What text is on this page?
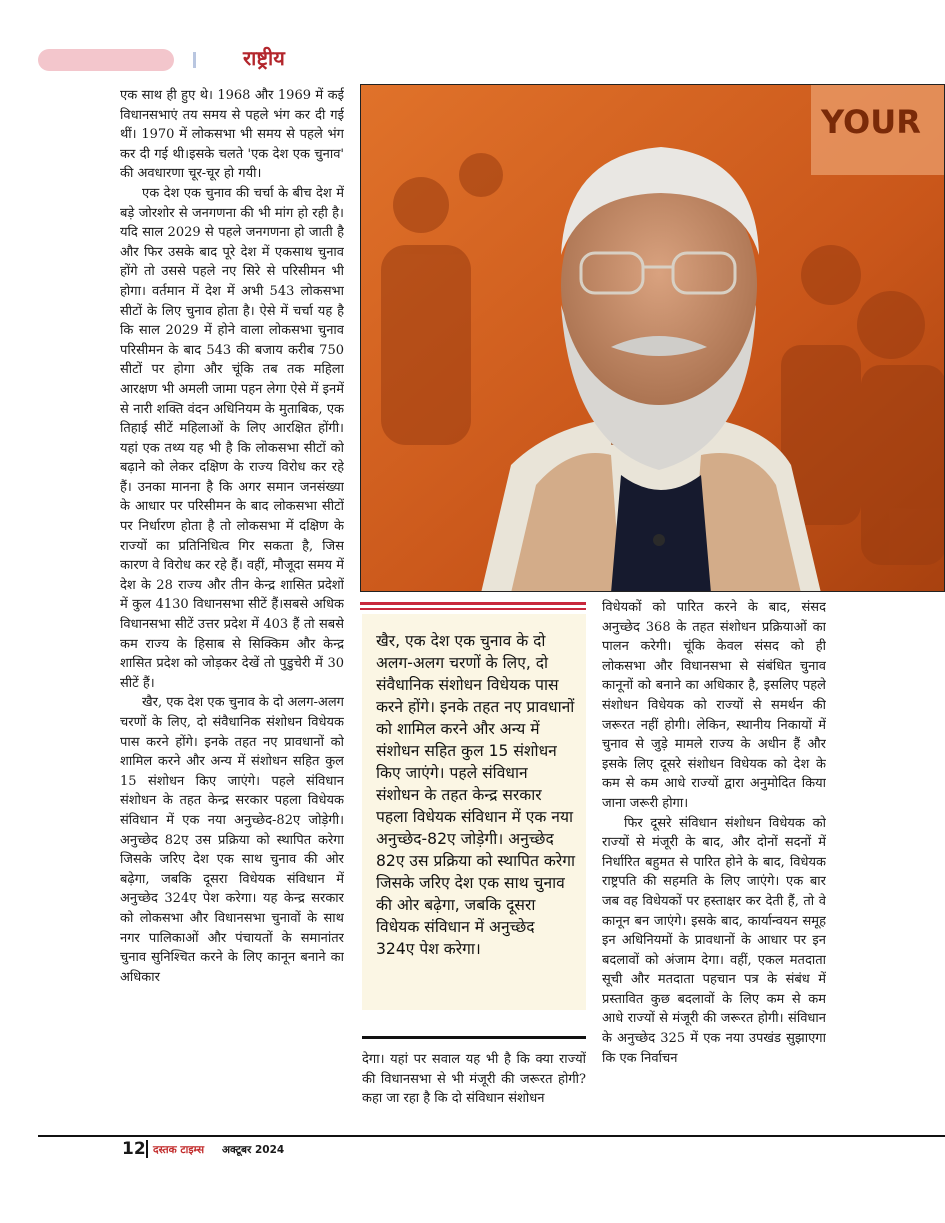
राष्ट्रीय

एक साथ ही हुए थे। 1968 और 1969 में कई विधानसभाएं तय समय से पहले भंग कर दी गई थीं। 1970 में लोकसभा भी समय से पहले भंग कर दी गई थी।इसके चलते 'एक देश एक चुनाव' की अवधारणा चूर-चूर हो गयी।

एक देश एक चुनाव की चर्चा के बीच देश में बड़े जोरशोर से जनगणना की भी मांग हो रही है। यदि साल 2029 से पहले जनगणना हो जाती है और फिर उसके बाद पूरे देश में एकसाथ चुनाव होंगे तो उससे पहले नए सिरे से परिसीमन भी होगा। वर्तमान में देश में अभी 543 लोकसभा सीटों के लिए चुनाव होता है। ऐसे में चर्चा यह है कि साल 2029 में होने वाला लोकसभा चुनाव परिसीमन के बाद 543 की बजाय करीब 750 सीटों पर होगा और चूंकि तब तक महिला आरक्षण भी अमली जामा पहन लेगा ऐसे में इनमें से नारी शक्ति वंदन अधिनियम के मुताबिक, एक तिहाई सीटें महिलाओं के लिए आरक्षित होंगी। यहां एक तथ्य यह भी है कि लोकसभा सीटों को बढ़ाने को लेकर दक्षिण के राज्य विरोध कर रहे हैं। उनका मानना है कि अगर समान जनसंख्या के आधार पर परिसीमन के बाद लोकसभा सीटों पर निर्धारण होता है तो लोकसभा में दक्षिण के राज्यों का प्रतिनिधित्व गिर सकता है, जिस कारण वे विरोध कर रहे हैं। वहीं, मौजूदा समय में देश के 28 राज्य और तीन केन्द्र शासित प्रदेशों में कुल 4130 विधानसभा सीटें हैं।सबसे अधिक विधानसभा सीटें उत्तर प्रदेश में 403 हैं तो सबसे कम राज्य के हिसाब से सिक्किम और केन्द्र शासित प्रदेश को जोड़कर देखें तो पुडुचेरी में 30 सीटें हैं।

खैर, एक देश एक चुनाव के दो अलग-अलग चरणों के लिए, दो संवैधानिक संशोधन विधेयक पास करने होंगे। इनके तहत नए प्रावधानों को शामिल करने और अन्य में संशोधन सहित कुल 15 संशोधन किए जाएंगे। पहले संविधान संशोधन के तहत केन्द्र सरकार पहला विधेयक संविधान में एक नया अनुच्छेद-82ए जोड़ेगी। अनुच्छेद 82ए उस प्रक्रिया को स्थापित करेगा जिसके जरिए देश एक साथ चुनाव की ओर बढ़ेगा, जबकि दूसरा विधेयक संविधान में अनुच्छेद 324ए पेश करेगा। यह केन्द्र सरकार को लोकसभा और विधानसभा चुनावों के साथ नगर पालिकाओं और पंचायतों के समानांतर चुनाव सुनिश्चित करने के लिए कानून बनाने का अधिकार

YOUR
खैर, एक देश एक चुनाव के दो अलग-अलग चरणों के लिए, दो संवैधानिक संशोधन विधेयक पास करने होंगे। इनके तहत नए प्रावधानों को शामिल करने और अन्य में संशोधन सहित कुल 15 संशोधन किए जाएंगे। पहले संविधान संशोधन के तहत केन्द्र सरकार पहला विधेयक संविधान में एक नया अनुच्छेद-82ए जोड़ेगी। अनुच्छेद 82ए उस प्रक्रिया को स्थापित करेगा जिसके जरिए देश एक साथ चुनाव की ओर बढ़ेगा, जबकि दूसरा विधेयक संविधान में अनुच्छेद 324ए पेश करेगा।

देगा। यहां पर सवाल यह भी है कि क्या राज्यों की विधानसभा से भी मंजूरी की जरूरत होगी? कहा जा रहा है कि दो संविधान संशोधन

विधेयकों को पारित करने के बाद, संसद अनुच्छेद 368 के तहत संशोधन प्रक्रियाओं का पालन करेगी। चूंकि केवल संसद को ही लोकसभा और विधानसभा से संबंधित चुनाव कानूनों को बनाने का अधिकार है, इसलिए पहले संशोधन विधेयक को राज्यों से समर्थन की जरूरत नहीं होगी। लेकिन, स्थानीय निकायों में चुनाव से जुड़े मामले राज्य के अधीन हैं और इसके लिए दूसरे संशोधन विधेयक को देश के कम से कम आधे राज्यों द्वारा अनुमोदित किया जाना जरूरी होगा।

फिर दूसरे संविधान संशोधन विधेयक को राज्यों से मंजूरी के बाद, और दोनों सदनों में निर्धारित बहुमत से पारित होने के बाद, विधेयक राष्ट्रपति की सहमति के लिए जाएंगे। एक बार जब वह विधेयकों पर हस्ताक्षर कर देती हैं, तो वे कानून बन जाएंगे। इसके बाद, कार्यान्वयन समूह इन अधिनियमों के प्रावधानों के आधार पर इन बदलावों को अंजाम देगा। वहीं, एकल मतदाता सूची और मतदाता पहचान पत्र के संबंध में प्रस्तावित कुछ बदलावों के लिए कम से कम आधे राज्यों से मंजूरी की जरूरत होगी। संविधान के अनुच्छेद 325 में एक नया उपखंड सुझाएगा कि एक निर्वाचन

12 दस्तक टाइम्स अक्टूबर 2024
